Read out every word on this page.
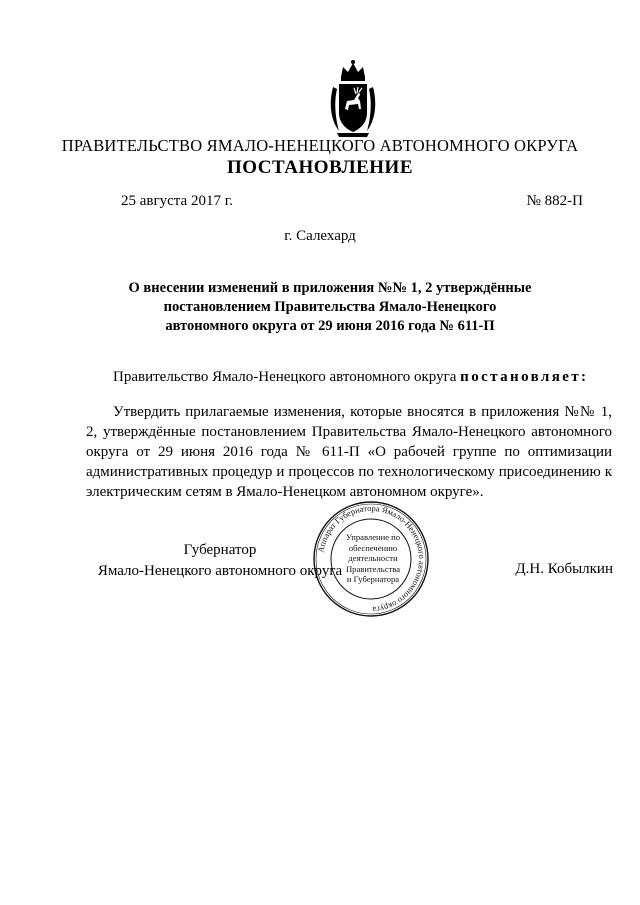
ПРАВИТЕЛЬСТВО ЯМАЛО-НЕНЕЦКОГО АВТОНОМНОГО ОКРУГА
ПОСТАНОВЛЕНИЕ
25 августа 2017 г.	№ 882-П
г. Салехард
О внесении изменений в приложения №№ 1, 2 утверждённые
постановлением Правительства Ямало-Ненецкого
автономного округа от 29 июня 2016 года № 611-П
Правительство Ямало-Ненецкого автономного округа постановляет:

Утвердить прилагаемые изменения, которые вносятся в приложения №№ 1, 2, утверждённые постановлением Правительства Ямало-Ненецкого автономного округа от 29 июня 2016 года № 611-П «О рабочей группе по оптимизации административных процедур и процессов по технологическому присоединению к электрическим сетям в Ямало-Ненецком автономном округе».

Губернатор
Ямало-Ненецкого автономного округа
Аппарат Губернатора Ямало-Ненецкого автономного округа
Управление по
обеспечению
деятельности
Правительства
и Губернатора
Д.Н. Кобылкин
